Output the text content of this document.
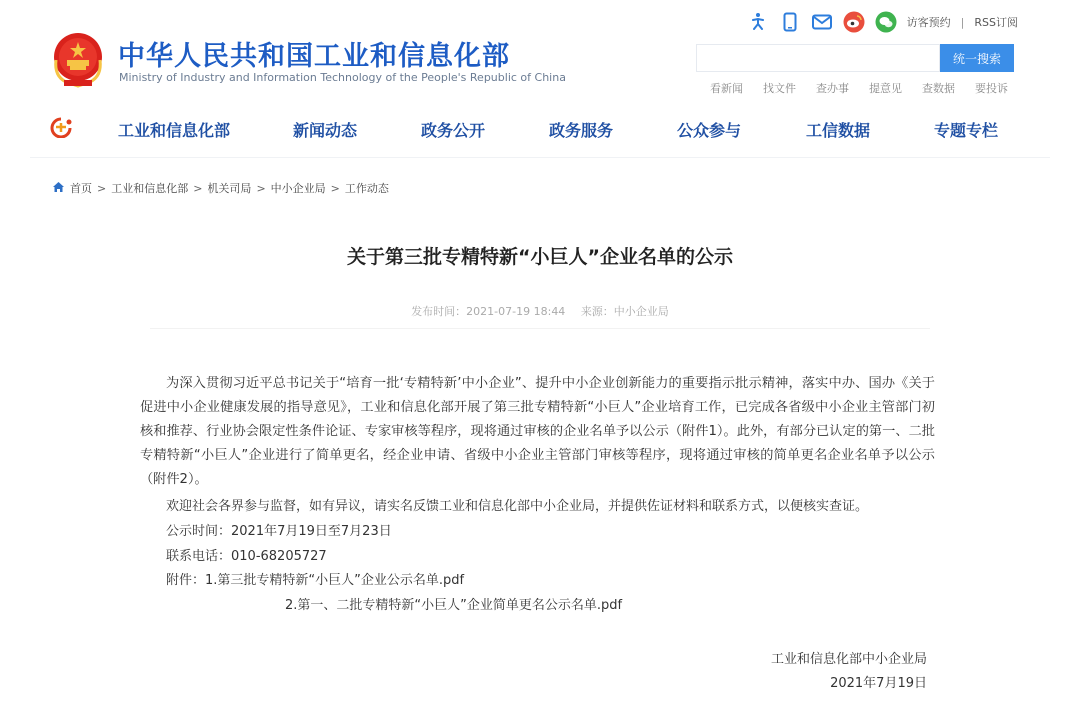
中华人民共和国工业和信息化部
Ministry of Industry and Information Technology of the People's Republic of China
访客预约 | RSS订阅
统一搜索
看新闻 找文件 查办事 提意见 查数据 要投诉
工业和信息化部	新闻动态	政务公开	政务服务	公众参与	工信数据	专题专栏
首页 > 工业和信息化部 > 机关司局 > 中小企业局 > 工作动态
关于第三批专精特新“小巨人”企业名单的公示
发布时间：2021-07-19 18:44 来源：中小企业局
为深入贯彻习近平总书记关于“培育一批‘专精特新’中小企业”、提升中小企业创新能力的重要指示批示精神，落实中办、国办《关于促进中小企业健康发展的指导意见》，工业和信息化部开展了第三批专精特新“小巨人”企业培育工作，已完成各省级中小企业主管部门初核和推荐、行业协会限定性条件论证、专家审核等程序，现将通过审核的企业名单予以公示（附件1）。此外，有部分已认定的第一、二批专精特新“小巨人”企业进行了简单更名，经企业申请、省级中小企业主管部门审核等程序，现将通过审核的简单更名企业名单予以公示（附件2）。
欢迎社会各界参与监督，如有异议，请实名反馈工业和信息化部中小企业局，并提供佐证材料和联系方式，以便核实查证。
公示时间：2021年7月19日至7月23日
联系电话：010-68205727
附件：1.第三批专精特新“小巨人”企业公示名单.pdf
2.第一、二批专精特新“小巨人”企业简单更名公示名单.pdf
工业和信息化部中小企业局
2021年7月19日
